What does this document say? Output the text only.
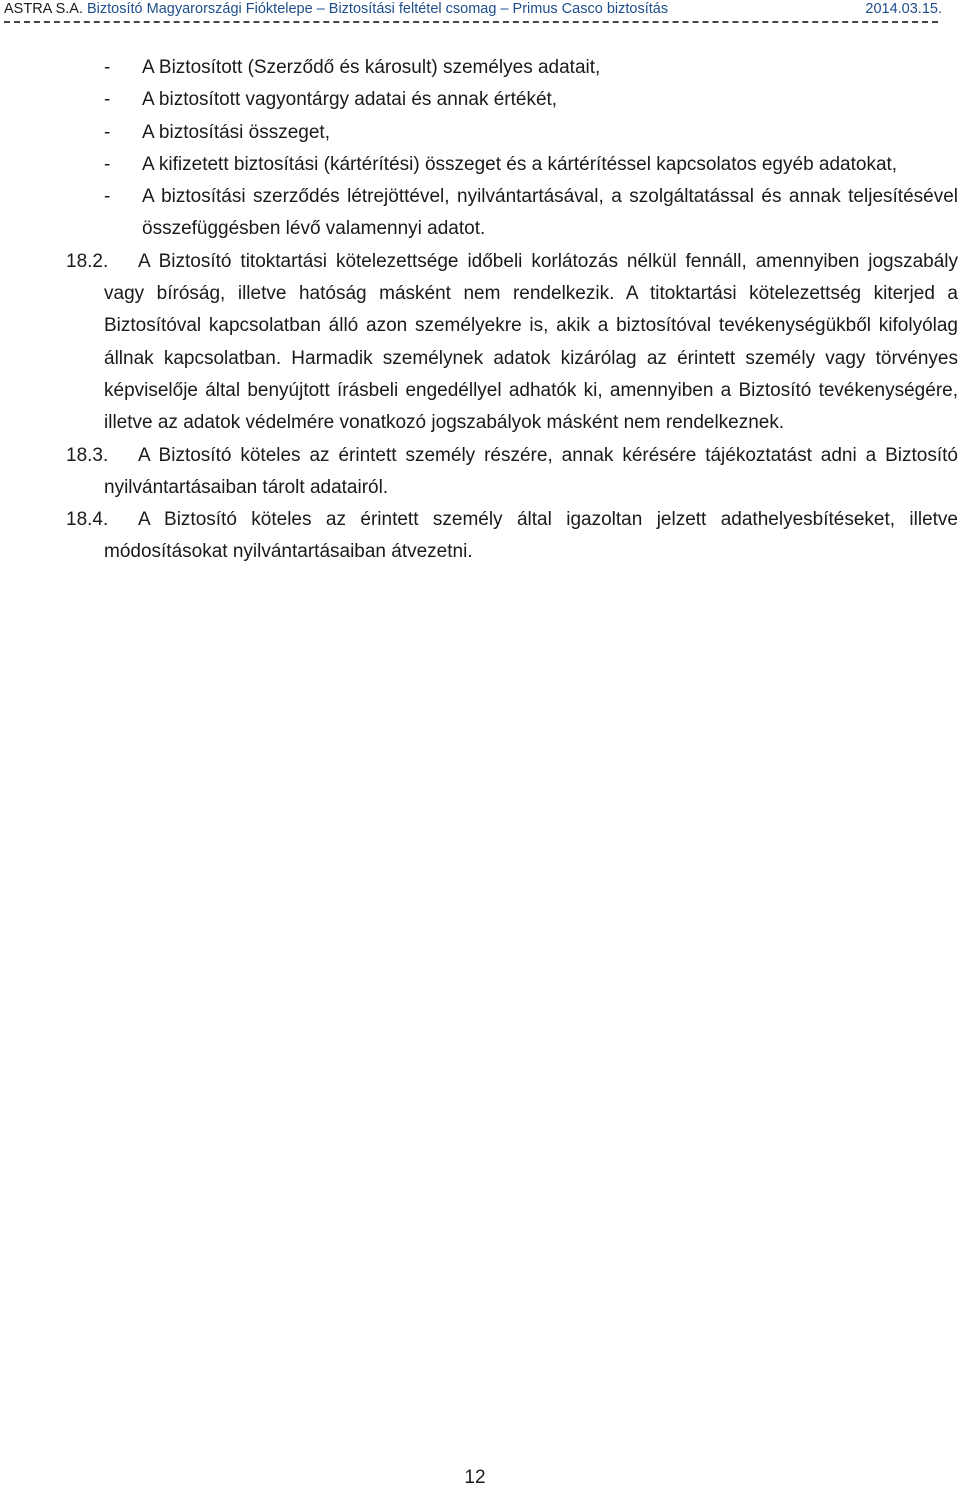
ASTRA S.A. Biztosító Magyarországi Fióktelepe – Biztosítási feltétel csomag – Primus Casco biztosítás	2014.03.15.
- A Biztosított (Szerződő és károsult) személyes adatait,
- A biztosított vagyontárgy adatai és annak értékét,
- A biztosítási összeget,
- A kifizetett biztosítási (kártérítési) összeget és a kártérítéssel kapcsolatos egyéb adatokat,
- A biztosítási szerződés létrejöttével, nyilvántartásával, a szolgáltatással és annak teljesítésével összefüggésben lévő valamennyi adatot.
18.2. A Biztosító titoktartási kötelezettsége időbeli korlátozás nélkül fennáll, amennyiben jogszabály vagy bíróság, illetve hatóság másként nem rendelkezik. A titoktartási kötelezettség kiterjed a Biztosítóval kapcsolatban álló azon személyekre is, akik a biztosítóval tevékenységükből kifolyólag állnak kapcsolatban. Harmadik személynek adatok kizárólag az érintett személy vagy törvényes képviselője által benyújtott írásbeli engedéllyel adhatók ki, amennyiben a Biztosító tevékenységére, illetve az adatok védelmére vonatkozó jogszabályok másként nem rendelkeznek.
18.3. A Biztosító köteles az érintett személy részére, annak kérésére tájékoztatást adni a Biztosító nyilvántartásaiban tárolt adatairól.
18.4. A Biztosító köteles az érintett személy által igazoltan jelzett adathelyesbítéseket, illetve módosításokat nyilvántartásaiban átvezetni.
12
